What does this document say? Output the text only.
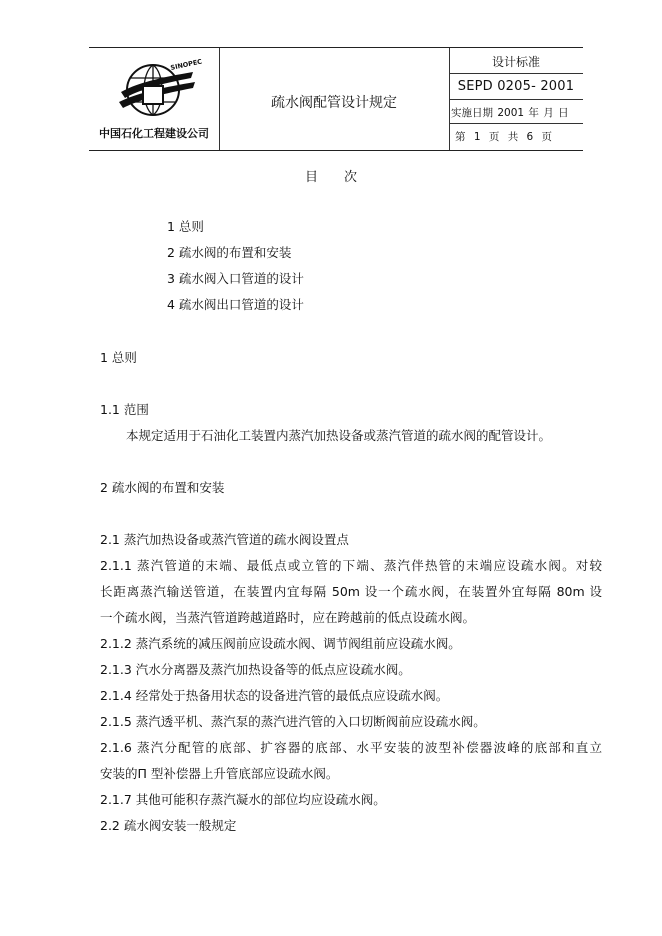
SINOPEC
中国石化工程建设公司
疏水阀配管设计规定
设计标准
SEPD 0205- 2001
实施日期 2001 年 月 日
第 1 页 共 6 页
目次
1 总则
2 疏水阀的布置和安装
3 疏水阀入口管道的设计
4 疏水阀出口管道的设计
1 总则
1.1 范围
本规定适用于石油化工装置内蒸汽加热设备或蒸汽管道的疏水阀的配管设计。
2 疏水阀的布置和安装
2.1 蒸汽加热设备或蒸汽管道的疏水阀设置点
2.1.1 蒸汽管道的末端、最低点或立管的下端、蒸汽伴热管的末端应设疏水阀。对较
长距离蒸汽输送管道，在装置内宜每隔 50m 设一个疏水阀，在装置外宜每隔 80m 设
一个疏水阀，当蒸汽管道跨越道路时，应在跨越前的低点设疏水阀。
2.1.2 蒸汽系统的减压阀前应设疏水阀、调节阀组前应设疏水阀。
2.1.3 汽水分离器及蒸汽加热设备等的低点应设疏水阀。
2.1.4 经常处于热备用状态的设备进汽管的最低点应设疏水阀。
2.1.5 蒸汽透平机、蒸汽泵的蒸汽进汽管的入口切断阀前应设疏水阀。
2.1.6 蒸汽分配管的底部、扩容器的底部、水平安装的波型补偿器波峰的底部和直立
安装的П 型补偿器上升管底部应设疏水阀。
2.1.7 其他可能积存蒸汽凝水的部位均应设疏水阀。
2.2 疏水阀安装一般规定
